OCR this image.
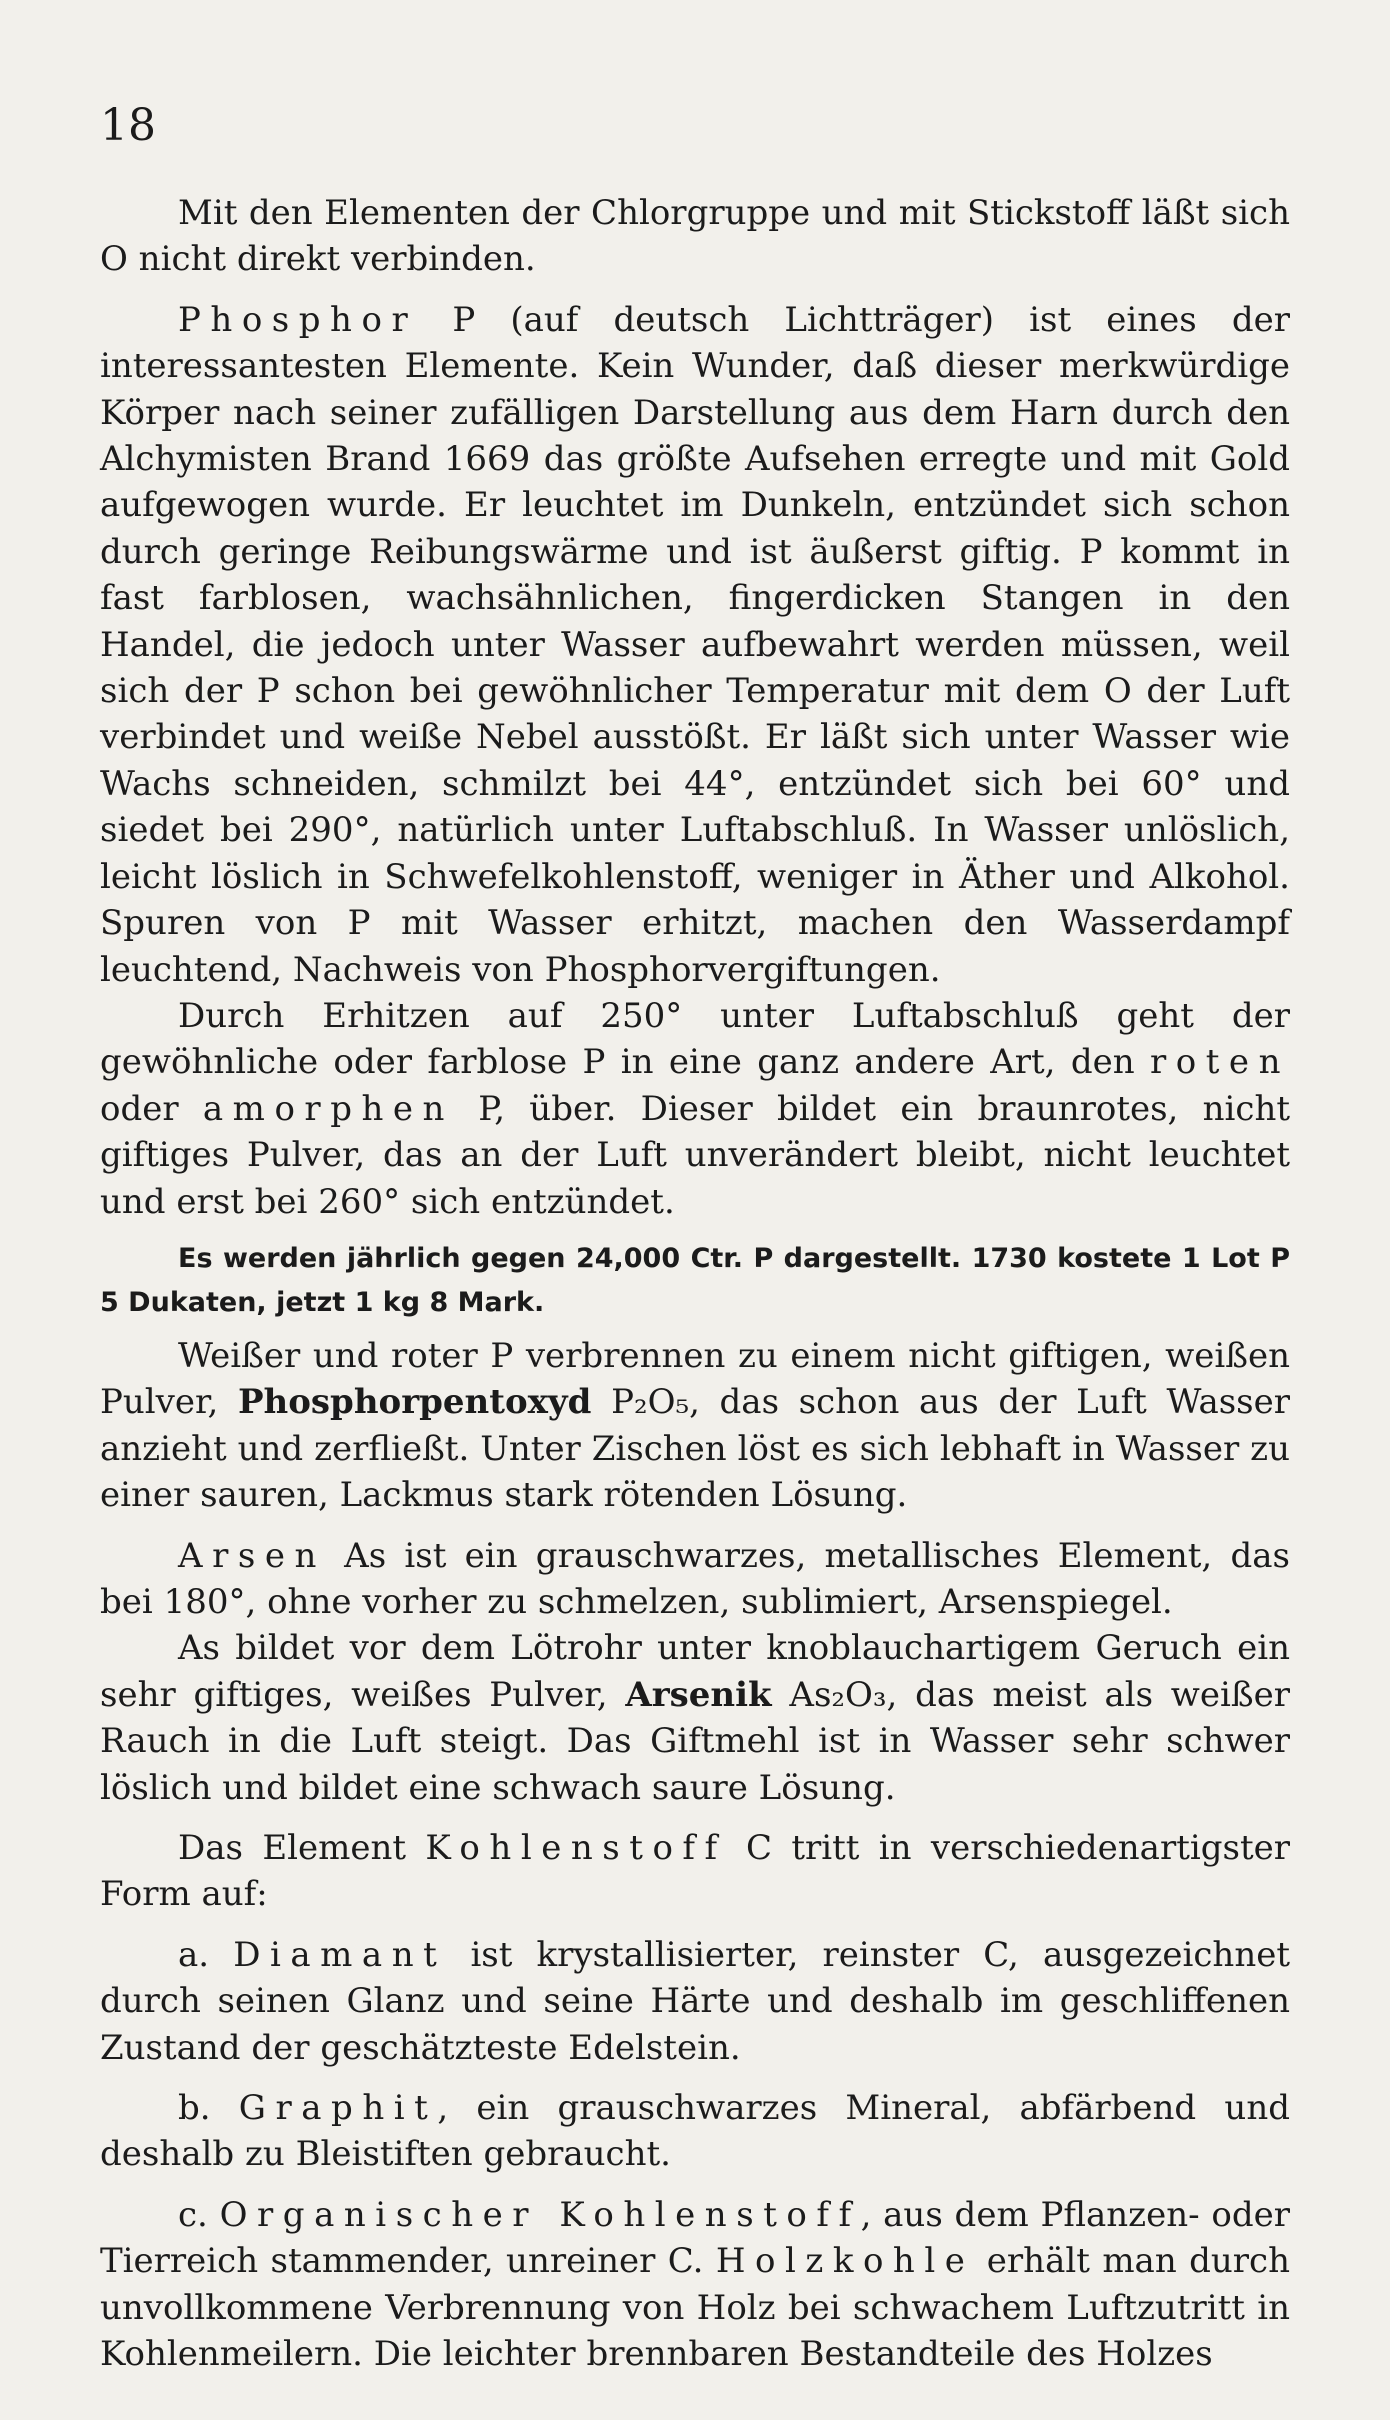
18

Mit den Elementen der Chlorgruppe und mit Stickstoff läßt sich O nicht direkt verbinden.

Phosphor P (auf deutsch Lichtträger) ist eines der interessantesten Elemente. Kein Wunder, daß dieser merkwürdige Körper nach seiner zufälligen Darstellung aus dem Harn durch den Alchymisten Brand 1669 das größte Aufsehen erregte und mit Gold aufgewogen wurde. Er leuchtet im Dunkeln, entzündet sich schon durch geringe Reibungswärme und ist äußerst giftig. P kommt in fast farblosen, wachsähnlichen, fingerdicken Stangen in den Handel, die jedoch unter Wasser aufbewahrt werden müssen, weil sich der P schon bei gewöhnlicher Temperatur mit dem O der Luft verbindet und weiße Nebel ausstößt. Er läßt sich unter Wasser wie Wachs schneiden, schmilzt bei 44°, entzündet sich bei 60° und siedet bei 290°, natürlich unter Luftabschluß. In Wasser unlöslich, leicht löslich in Schwefelkohlenstoff, weniger in Äther und Alkohol. Spuren von P mit Wasser erhitzt, machen den Wasserdampf leuchtend, Nachweis von Phosphorvergiftungen.

Durch Erhitzen auf 250° unter Luftabschluß geht der gewöhnliche oder farblose P in eine ganz andere Art, den roten oder amorphen P, über. Dieser bildet ein braunrotes, nicht giftiges Pulver, das an der Luft unverändert bleibt, nicht leuchtet und erst bei 260° sich entzündet.

Es werden jährlich gegen 24,000 Ctr. P dargestellt. 1730 kostete 1 Lot P 5 Dukaten, jetzt 1 kg 8 Mark.

Weißer und roter P verbrennen zu einem nicht giftigen, weißen Pulver, Phosphorpentoxyd P₂O₅, das schon aus der Luft Wasser anzieht und zerfließt. Unter Zischen löst es sich lebhaft in Wasser zu einer sauren, Lackmus stark rötenden Lösung.

Arsen As ist ein grauschwarzes, metallisches Element, das bei 180°, ohne vorher zu schmelzen, sublimiert, Arsenspiegel.

As bildet vor dem Lötrohr unter knoblauchartigem Geruch ein sehr giftiges, weißes Pulver, Arsenik As₂O₃, das meist als weißer Rauch in die Luft steigt. Das Giftmehl ist in Wasser sehr schwer löslich und bildet eine schwach saure Lösung.

Das Element Kohlenstoff C tritt in verschiedenartigster Form auf:

a. Diamant ist krystallisierter, reinster C, ausgezeichnet durch seinen Glanz und seine Härte und deshalb im geschliffenen Zustand der geschätzteste Edelstein.

b. Graphit, ein grauschwarzes Mineral, abfärbend und deshalb zu Bleistiften gebraucht.

c. Organischer Kohlenstoff, aus dem Pflanzen- oder Tierreich stammender, unreiner C. Holzkohle erhält man durch unvollkommene Verbrennung von Holz bei schwachem Luftzutritt in Kohlenmeilern. Die leichter brennbaren Bestandteile des Holzes
